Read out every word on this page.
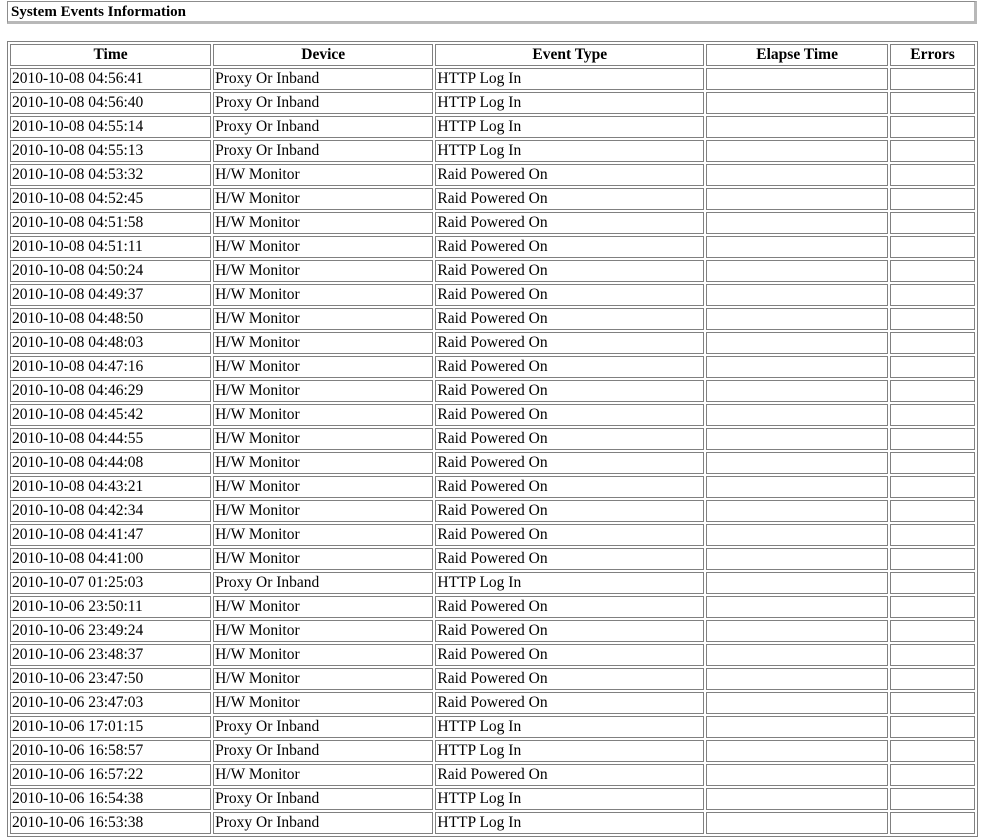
System Events Information
Time	Device	Event Type	Elapse Time	Errors
2010-10-08 04:56:41	Proxy Or Inband	HTTP Log In		
2010-10-08 04:56:40	Proxy Or Inband	HTTP Log In		
2010-10-08 04:55:14	Proxy Or Inband	HTTP Log In		
2010-10-08 04:55:13	Proxy Or Inband	HTTP Log In		
2010-10-08 04:53:32	H/W Monitor	Raid Powered On		
2010-10-08 04:52:45	H/W Monitor	Raid Powered On		
2010-10-08 04:51:58	H/W Monitor	Raid Powered On		
2010-10-08 04:51:11	H/W Monitor	Raid Powered On		
2010-10-08 04:50:24	H/W Monitor	Raid Powered On		
2010-10-08 04:49:37	H/W Monitor	Raid Powered On		
2010-10-08 04:48:50	H/W Monitor	Raid Powered On		
2010-10-08 04:48:03	H/W Monitor	Raid Powered On		
2010-10-08 04:47:16	H/W Monitor	Raid Powered On		
2010-10-08 04:46:29	H/W Monitor	Raid Powered On		
2010-10-08 04:45:42	H/W Monitor	Raid Powered On		
2010-10-08 04:44:55	H/W Monitor	Raid Powered On		
2010-10-08 04:44:08	H/W Monitor	Raid Powered On		
2010-10-08 04:43:21	H/W Monitor	Raid Powered On		
2010-10-08 04:42:34	H/W Monitor	Raid Powered On		
2010-10-08 04:41:47	H/W Monitor	Raid Powered On		
2010-10-08 04:41:00	H/W Monitor	Raid Powered On		
2010-10-07 01:25:03	Proxy Or Inband	HTTP Log In		
2010-10-06 23:50:11	H/W Monitor	Raid Powered On		
2010-10-06 23:49:24	H/W Monitor	Raid Powered On		
2010-10-06 23:48:37	H/W Monitor	Raid Powered On		
2010-10-06 23:47:50	H/W Monitor	Raid Powered On		
2010-10-06 23:47:03	H/W Monitor	Raid Powered On		
2010-10-06 17:01:15	Proxy Or Inband	HTTP Log In		
2010-10-06 16:58:57	Proxy Or Inband	HTTP Log In		
2010-10-06 16:57:22	H/W Monitor	Raid Powered On		
2010-10-06 16:54:38	Proxy Or Inband	HTTP Log In		
2010-10-06 16:53:38	Proxy Or Inband	HTTP Log In		
